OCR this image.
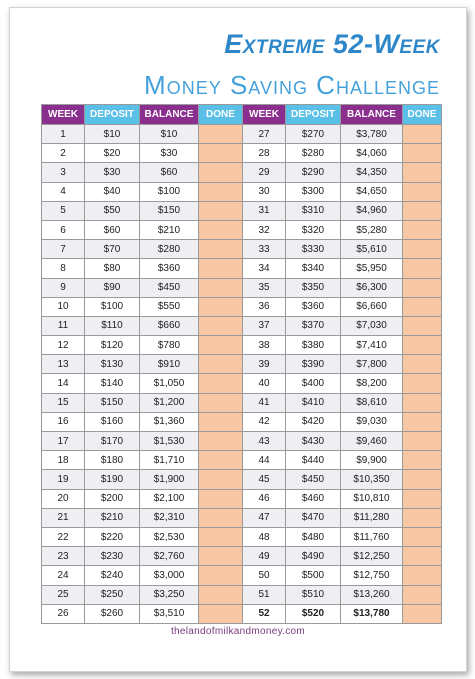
Extreme 52-Week
Money Saving Challenge
WEEK	DEPOSIT	BALANCE	DONE	WEEK	DEPOSIT	BALANCE	DONE
1	$10	$10		27	$270	$3,780	
2	$20	$30		28	$280	$4,060	
3	$30	$60		29	$290	$4,350	
4	$40	$100		30	$300	$4,650	
5	$50	$150		31	$310	$4,960	
6	$60	$210		32	$320	$5,280	
7	$70	$280		33	$330	$5,610	
8	$80	$360		34	$340	$5,950	
9	$90	$450		35	$350	$6,300	
10	$100	$550		36	$360	$6,660	
11	$110	$660		37	$370	$7,030	
12	$120	$780		38	$380	$7,410	
13	$130	$910		39	$390	$7,800	
14	$140	$1,050		40	$400	$8,200	
15	$150	$1,200		41	$410	$8,610	
16	$160	$1,360		42	$420	$9,030	
17	$170	$1,530		43	$430	$9,460	
18	$180	$1,710		44	$440	$9,900	
19	$190	$1,900		45	$450	$10,350	
20	$200	$2,100		46	$460	$10,810	
21	$210	$2,310		47	$470	$11,280	
22	$220	$2,530		48	$480	$11,760	
23	$230	$2,760		49	$490	$12,250	
24	$240	$3,000		50	$500	$12,750	
25	$250	$3,250		51	$510	$13,260	
26	$260	$3,510		52	$520	$13,780	
thelandofmilkandmoney.com
